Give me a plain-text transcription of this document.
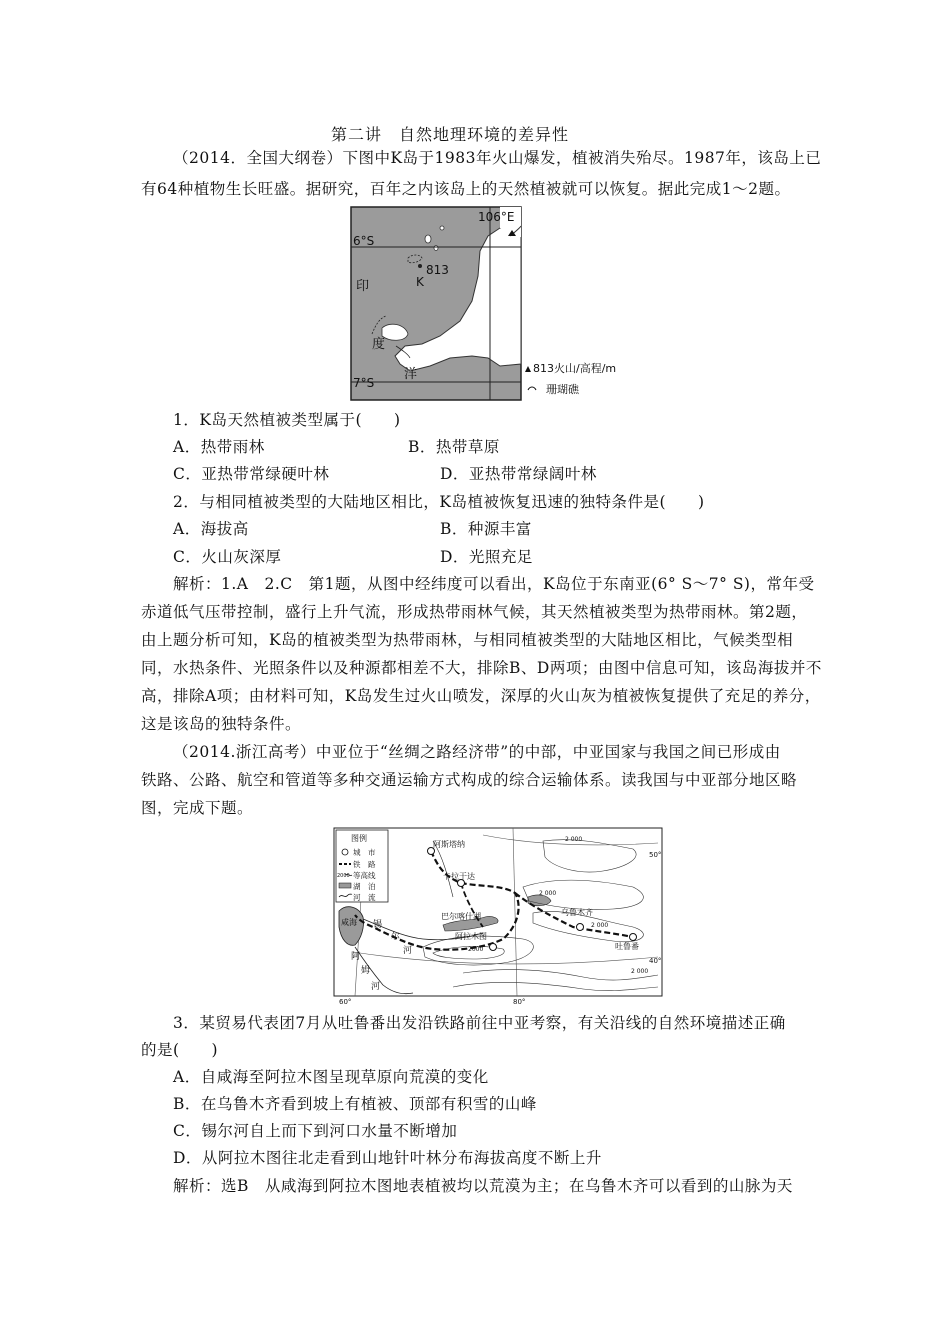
第二讲　自然地理环境的差异性
（2014．全国大纲卷）下图中K岛于1983年火山爆发，植被消失殆尽。1987年，该岛上已
有64种植物生长旺盛。据研究，百年之内该岛上的天然植被就可以恢复。据此完成1～2题。
106°E
6°S
7°S
813
K
印
度
洋	813火山/高程/m
珊瑚礁
1．K岛天然植被类型属于(　　)
A．热带雨林	B．热带草原
C．亚热带常绿硬叶林	D．亚热带常绿阔叶林
2．与相同植被类型的大陆地区相比，K岛植被恢复迅速的独特条件是(　　)
A．海拔高	B．种源丰富
C．火山灰深厚	D．光照充足
解析：1.A　2.C　第1题，从图中经纬度可以看出，K岛位于东南亚(6° S～7° S)，常年受
赤道低气压带控制，盛行上升气流，形成热带雨林气候，其天然植被类型为热带雨林。第2题，
由上题分析可知，K岛的植被类型为热带雨林，与相同植被类型的大陆地区相比，气候类型相
同，水热条件、光照条件以及种源都相差不大，排除B、D两项；由图中信息可知，该岛海拔并不
高，排除A项；由材料可知，K岛发生过火山喷发，深厚的火山灰为植被恢复提供了充足的养分，
这是该岛的独特条件。
（2014.浙江高考）中亚位于“丝绸之路经济带”的中部，中亚国家与我国之间已形成由
铁路、公路、航空和管道等多种交通运输方式构成的综合运输体系。读我国与中亚部分地区略
图，完成下题。
图例
城　市
铁　路
2000 等高线
湖　泊
河　流
咸海
阿斯塔纳
卡拉干达
阿拉木图
乌鲁木齐
吐鲁番
巴尔喀什湖
锡
尔
河
阿
姆
河
2 000
2 000
2000
2 000
2 000
50°
40°
60°	80°
3．某贸易代表团7月从吐鲁番出发沿铁路前往中亚考察，有关沿线的自然环境描述正确
的是(　　)
A．自咸海至阿拉木图呈现草原向荒漠的变化
B．在乌鲁木齐看到坡上有植被、顶部有积雪的山峰
C．锡尔河自上而下到河口水量不断增加
D．从阿拉木图往北走看到山地针叶林分布海拔高度不断上升
解析：选B　从咸海到阿拉木图地表植被均以荒漠为主；在乌鲁木齐可以看到的山脉为天
